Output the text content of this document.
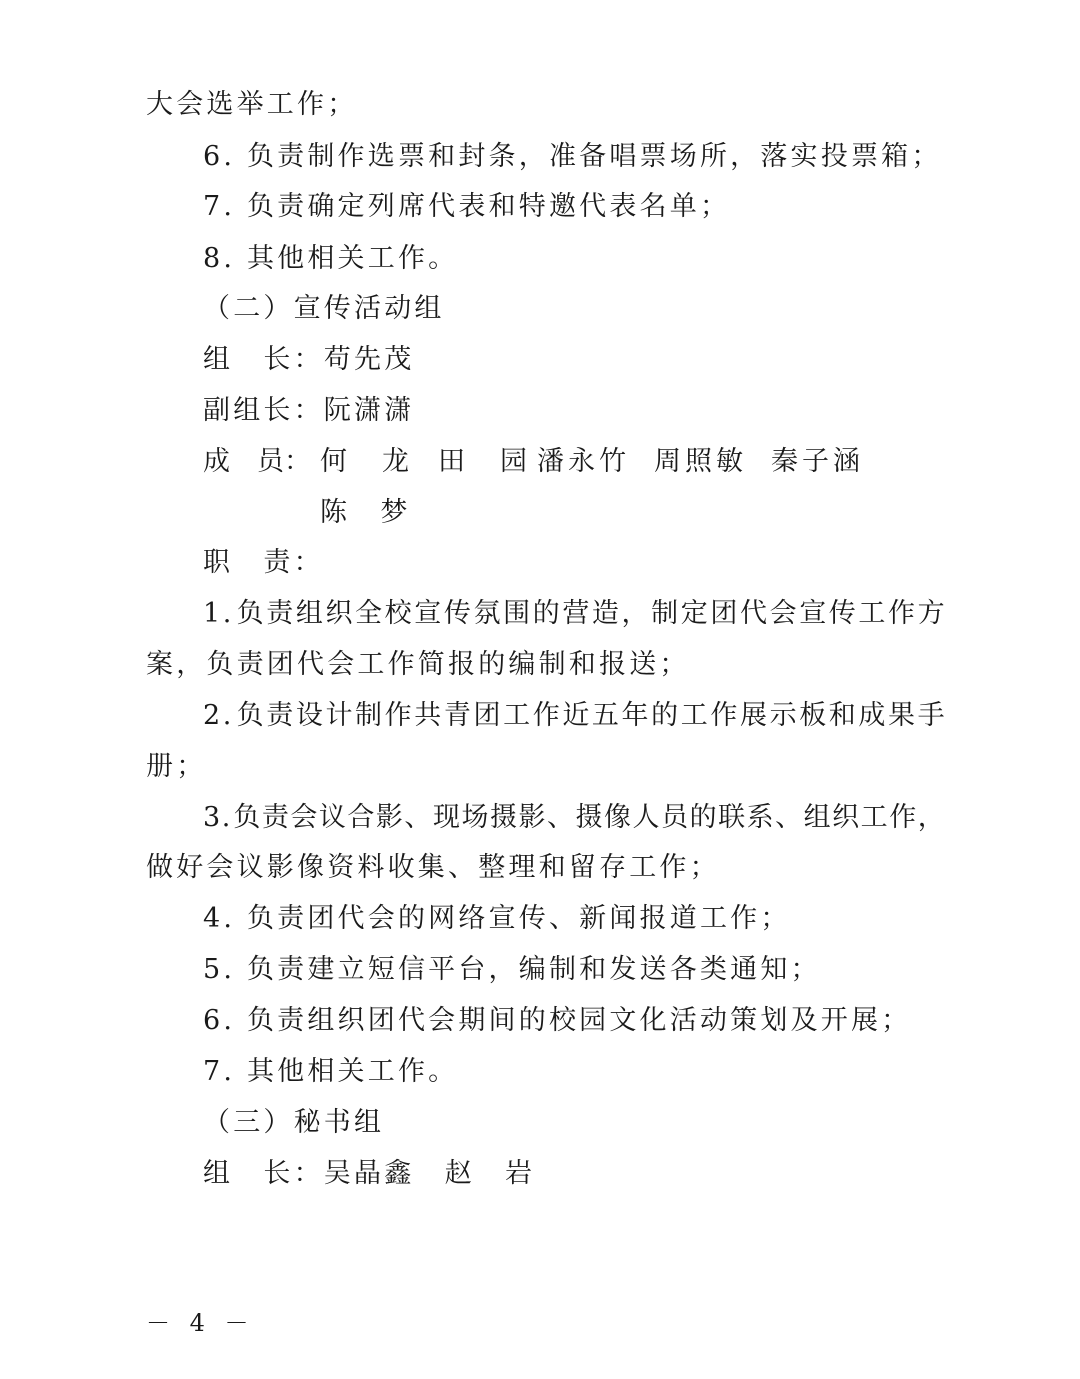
大会选举工作；
6. 负责制作选票和封条，准备唱票场所，落实投票箱；
7. 负责确定列席代表和特邀代表名单；
8. 其他相关工作。
（二）宣传活动组
组　长：苟先茂
副组长：阮潇潇
成　员： 何　龙 田　园 潘永竹 周照敏 秦子涵
陈　梦
职　责：
1 . 负 责 组 织 全 校 宣 传 氛 围 的 营 造 ， 制 定 团 代 会 宣 传 工 作 方
案，负责团代会工作简报的编制和报送；
2 . 负 责 设 计 制 作 共 青 团 工 作 近 五 年 的 工 作 展 示 板 和 成 果 手
册；
3 . 负 责 会 议 合 影 、 现 场 摄 影 、 摄 像 人 员 的 联 系 、 组 织 工 作 ，
做好会议影像资料收集、整理和留存工作；
4. 负责团代会的网络宣传、新闻报道工作；
5. 负责建立短信平台，编制和发送各类通知；
6. 负责组织团代会期间的校园文化活动策划及开展；
7. 其他相关工作。
（三）秘书组
组　长：吴晶鑫　赵　岩
－ 4 －
